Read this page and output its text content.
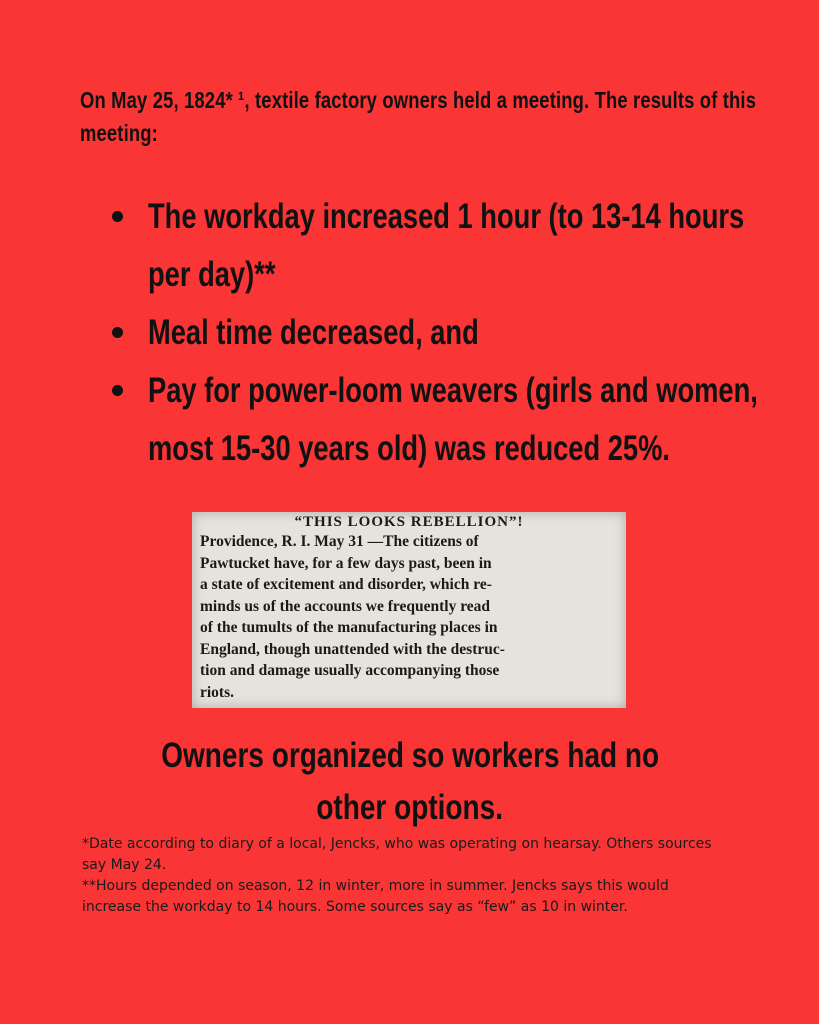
On May 25, 1824* ¹, textile factory owners held a meeting. The results of this meeting:
The workday increased 1 hour (to 13-14 hours per day)**
Meal time decreased, and
Pay for power-loom weavers (girls and women, most 15-30 years old) was reduced 25%.
“THIS LOOKS REBELLION”!
Providence, R. I. May 31 —The citizens of
Pawtucket have, for a few days past, been in
a state of excitement and disorder, which re-
minds us of the accounts we frequently read
of the tumults of the manufacturing places in
England, though unattended with the destruc-
tion and damage usually accompanying those
riots.
Owners organized so workers had no
other options.

*Date according to diary of a local, Jencks, who was operating on hearsay. Others sources say May 24.

**Hours depended on season, 12 in winter, more in summer. Jencks says this would increase the workday to 14 hours. Some sources say as “few” as 10 in winter.
